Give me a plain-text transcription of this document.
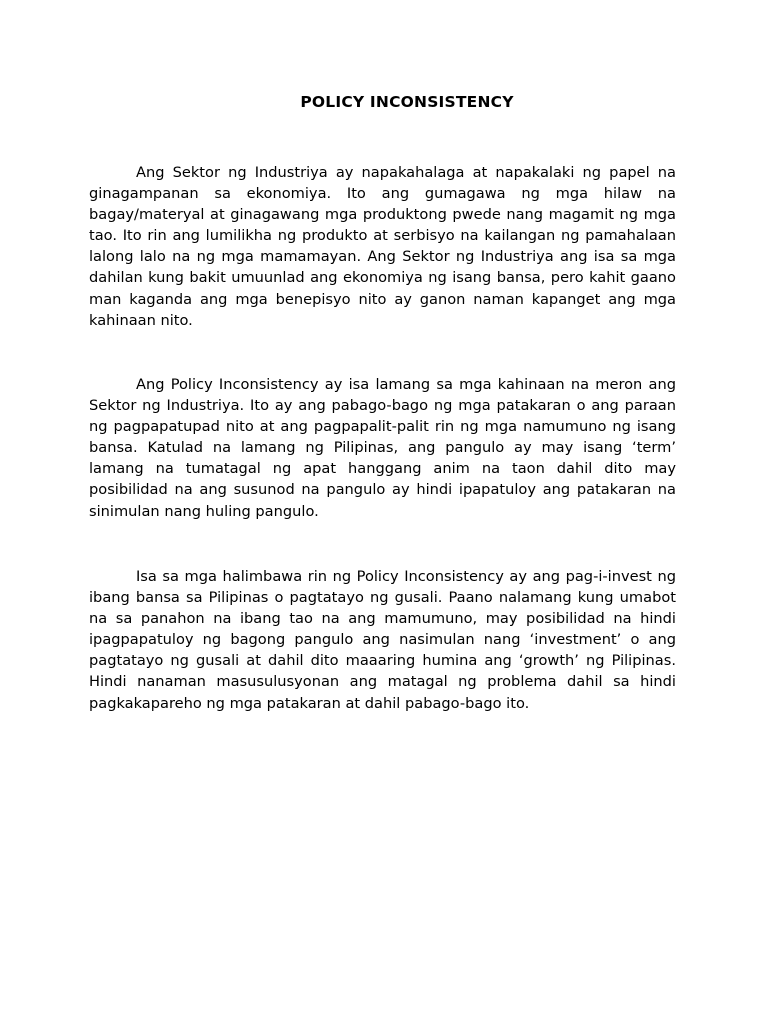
POLICY INCONSISTENCY

Ang Sektor ng Industriya ay napakahalaga at napakalaki ng papel na ginagampanan sa ekonomiya. Ito ang gumagawa ng mga hilaw na bagay/materyal at ginagawang mga produktong pwede nang magamit ng mga tao. Ito rin ang lumilikha ng produkto at serbisyo na kailangan ng pamahalaan lalong lalo na ng mga mamamayan. Ang Sektor ng Industriya ang isa sa mga dahilan kung bakit umuunlad ang ekonomiya ng isang bansa, pero kahit gaano man kaganda ang mga benepisyo nito ay ganon naman kapanget ang mga kahinaan nito.

Ang Policy Inconsistency ay isa lamang sa mga kahinaan na meron ang Sektor ng Industriya. Ito ay ang pabago-bago ng mga patakaran o ang paraan ng pagpapatupad nito at ang pagpapalit-palit rin ng mga namumuno ng isang bansa. Katulad na lamang ng Pilipinas, ang pangulo ay may isang ‘term’ lamang na tumatagal ng apat hanggang anim na taon dahil dito may posibilidad na ang susunod na pangulo ay hindi ipapatuloy ang patakaran na sinimulan nang huling pangulo.

Isa sa mga halimbawa rin ng Policy Inconsistency ay ang pag-i-invest ng ibang bansa sa Pilipinas o pagtatayo ng gusali. Paano nalamang kung umabot na sa panahon na ibang tao na ang mamumuno, may posibilidad na hindi ipagpapatuloy ng bagong pangulo ang nasimulan nang ‘investment’ o ang pagtatayo ng gusali at dahil dito maaaring humina ang ‘growth’ ng Pilipinas. Hindi nanaman masusulusyonan ang matagal ng problema dahil sa hindi pagkakapareho ng mga patakaran at dahil pabago-bago ito.
